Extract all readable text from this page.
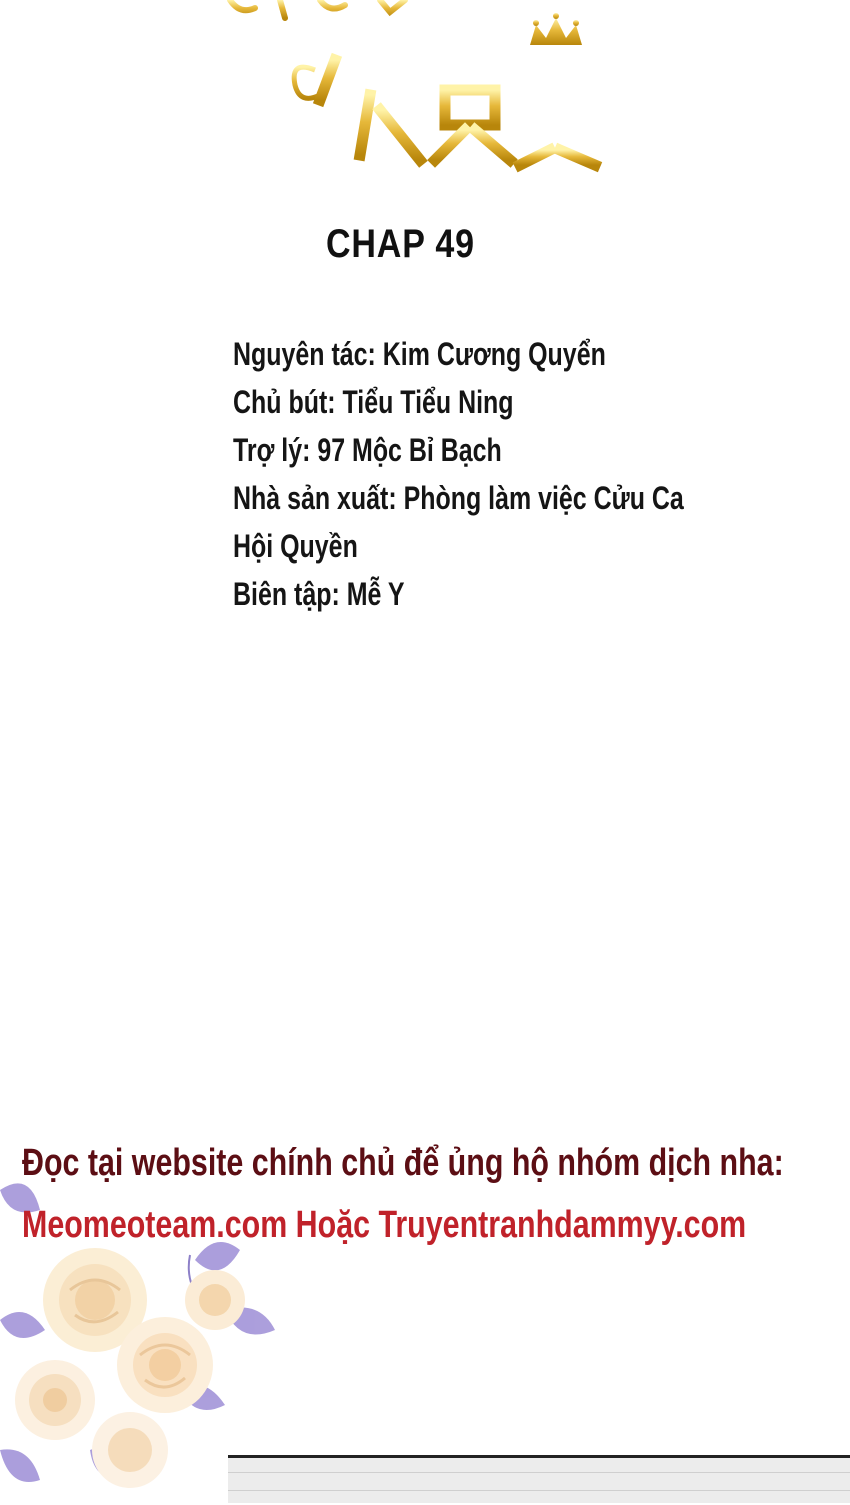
CHAP 49
Nguyên tác: Kim Cương Quyển
Chủ bút: Tiểu Tiểu Ning
Trợ lý: 97 Mộc Bỉ Bạch
Nhà sản xuất: Phòng làm việc Cửu Ca
Hội Quyền
Biên tập: Mễ Y
Đọc tại website chính chủ để ủng hộ nhóm dịch nha:
Meomeoteam.com Hoặc Truyentranhdammyy.com
